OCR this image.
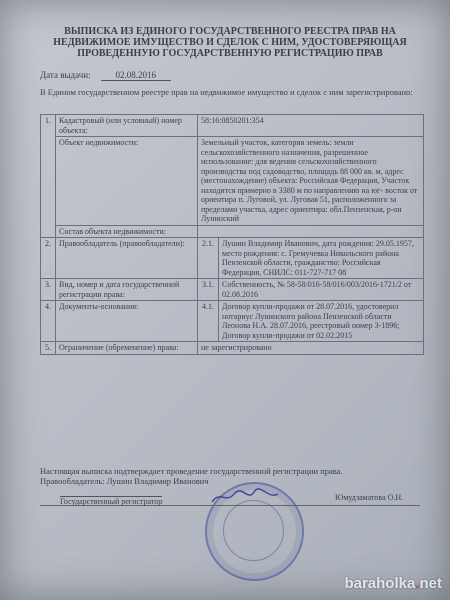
ВЫПИСКА ИЗ ЕДИНОГО ГОСУДАРСТВЕННОГО РЕЕСТРА ПРАВ НА
НЕДВИЖИМОЕ ИМУЩЕСТВО И СДЕЛОК С НИМ, УДОСТОВЕРЯЮЩАЯ
ПРОВЕДЕННУЮ ГОСУДАРСТВЕННУЮ РЕГИСТРАЦИЮ ПРАВ
Дата выдачи:	02.08.2016
В Едином государственном реестре прав на недвижимое имущество и сделок с ним зарегистрировано:
1.	Кадастровый (или условный) номер объекта:	58:16:0850201:354	
	Объект недвижимости:	Земельный участок, категория земель: земли сельскохозяйственного назначения, разрешенное использование: для ведения сельскохозяйственного производства под садоводство, площадь 88 000 кв. м, адрес (местонахождение) объекта: Российская Федерация, Участок находится примерно в 3380 м по направлению на юг- восток от ориентира п. Луговой, ул. Луговая 51, расположенного за пределами участка, адрес ориентира: обл.Пензенская, р-он Лунинский	
	Состав объекта недвижимости:		
2.	Правообладатель (правообладатели):	2.1.	Лушин Владимир Иванович, дата рождения: 29.05.1957, место рождения: с. Гремучевка Никольского района Пензенской области, гражданство: Российская Федерация, СНИЛС: 011-727-717 08
3.	Вид, номер и дата государственной регистрации права:	3.1.	Собственность, № 58-58/016-58/016/003/2016-1721/2 от 02.08.2016
4.	Документы-основания:	4.1.	Договор купли-продажи от 28.07.2016, удостоверил нотариус Лунинского района Пензенской области Леонова Н.А. 28.07.2016, реестровый номер 3-1896; Договор купли-продажи от 02.02.2015
5.	Ограничение (обременение) права:	не зарегистрировано	
Настоящая выписка подтверждает проведение государственной регистрации права.
Правообладатель: Лушин Владимир Иванович
Государственный регистратор	Юмудзаматова О.Н.
baraholka.net
